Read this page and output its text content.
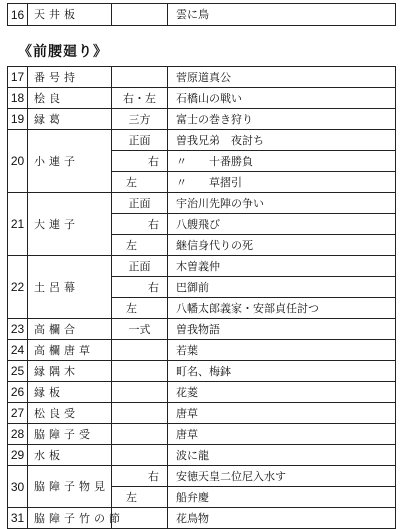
16	天井板		雲に鳥
《前腰廻り》
17	番号持		菅原道真公
18	桧良	右・左	石橋山の戦い
19	縁葛	三方	富士の巻き狩り
20	小連子	正面	曽我兄弟　夜討ち
		右	〃　　十番勝負
		左	〃　　草摺引
21	大連子	正面	宇治川先陣の争い
		右	八艘飛び
		左	継信身代りの死
22	土呂幕	正面	木曽義仲
		右	巴御前
		左	八幡太郎義家・安部貞任討つ
23	高欄合	一式	曽我物語
24	高欄唐草		若葉
25	縁隅木		町名、梅鉢
26	縁板		花菱
27	松良受		唐草
28	脇障子受		唐草
29	水板		波に龍
30	脇障子物見	右	安徳天皇二位尼入水す
		左	船弁慶
31	脇障子竹の節		花鳥物
